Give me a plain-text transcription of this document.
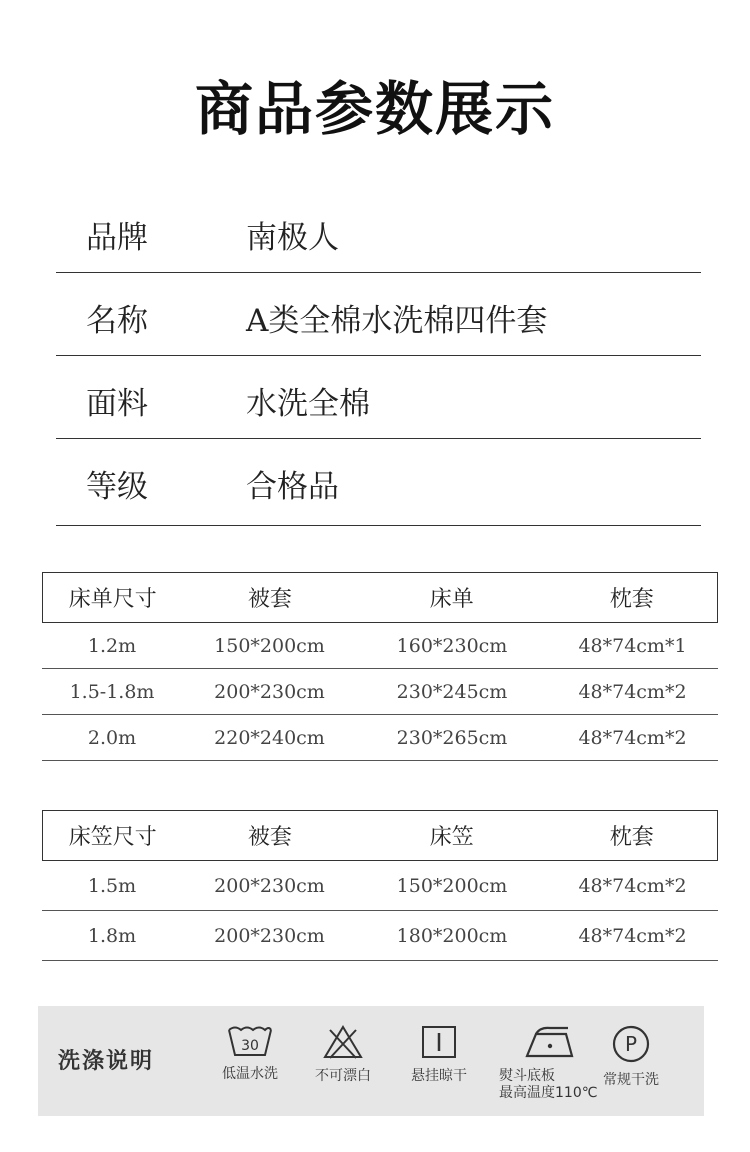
商品参数展示
品牌	南极人
名称	A类全棉水洗棉四件套
面料	水洗全棉
等级	合格品
床单尺寸	被套	床单	枕套
1.2m	150*200cm	160*230cm	48*74cm*1
1.5-1.8m	200*230cm	230*245cm	48*74cm*2
2.0m	220*240cm	230*265cm	48*74cm*2
床笠尺寸	被套	床笠	枕套
1.5m	200*230cm	150*200cm	48*74cm*2
1.8m	200*230cm	180*200cm	48*74cm*2
洗涤说明
30
低温水洗	不可漂白	悬挂晾干	熨斗底板
最高温度110℃
P
常规干洗
